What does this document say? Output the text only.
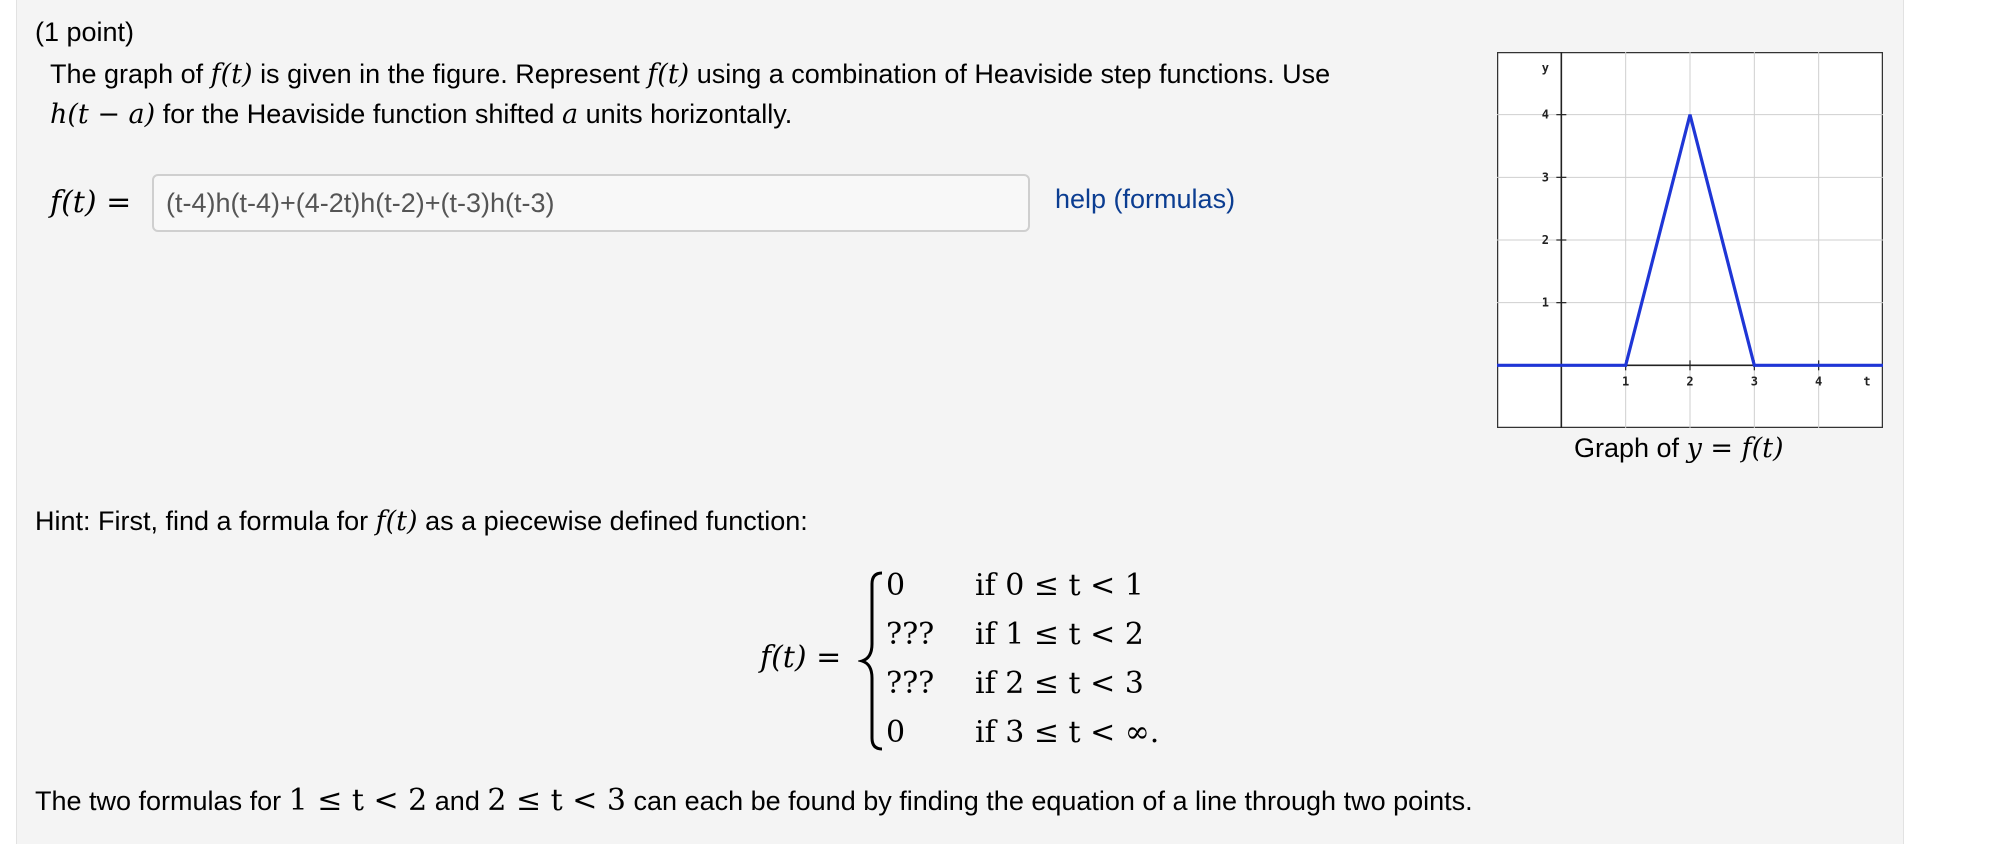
(1 point)
The graph of f(t) is given in the figure. Represent f(t) using a combination of Heaviside step functions. Use
h(t − a) for the Heaviside function shifted a units horizontally.
f(t) =	(t-4)h(t-4)+(4-2t)h(t-2)+(t-3)h(t-3)	help (formulas)
1	2	3	4
1
2
3
4
y
t
Graph of y = f(t)
Hint: First, find a formula for f(t) as a piecewise defined function:
f(t) =
0 if 0 ≤ t < 1
??? if 1 ≤ t < 2
??? if 2 ≤ t < 3
0 if 3 ≤ t < ∞.
The two formulas for 1 ≤ t < 2 and 2 ≤ t < 3 can each be found by finding the equation of a line through two points.
